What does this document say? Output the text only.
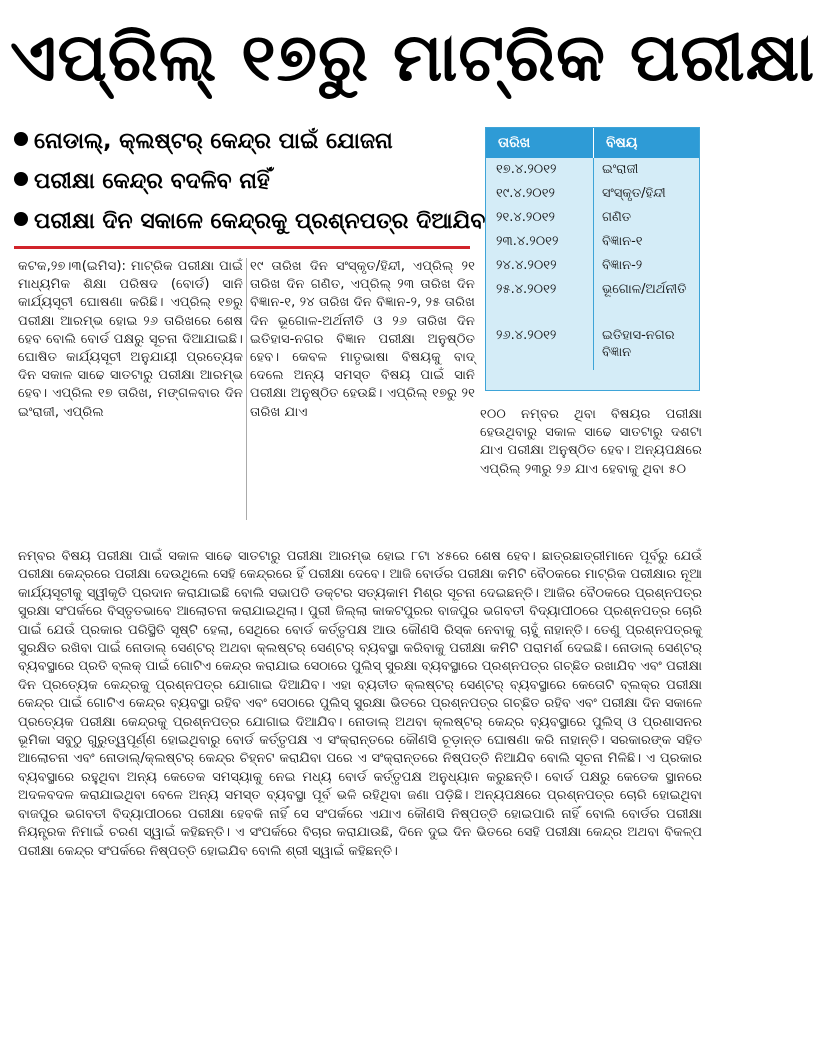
ଏପ୍ରିଲ୍ ୧୭ରୁ ମାଟ୍ରିକ ପରୀକ୍ଷା
ନୋଡାଲ୍, କ୍ଲଷ୍ଟର୍ କେନ୍ଦ୍ର ପାଇଁ ଯୋଜନା
ପରୀକ୍ଷା କେନ୍ଦ୍ର ବଦଳିବ ନାହିଁ
ପରୀକ୍ଷା ଦିନ ସକାଳେ କେନ୍ଦ୍ରକୁ ପ୍ରଶ୍ନପତ୍ର ଦିଆଯିବ
ତାରିଖ	ବିଷୟ
୧୭.୪.୨୦୧୨	ଇଂରାଜୀ
୧୯.୪.୨୦୧୨	ସଂସ୍କୃତ/ହିନ୍ଦୀ
୨୧.୪.୨୦୧୨	ଗଣିତ
୨୩.୪.୨୦୧୨	ବିଜ୍ଞାନ-୧
୨୪.୪.୨୦୧୨	ବିଜ୍ଞାନ-୨
୨୫.୪.୨୦୧୨	ଭୂଗୋଳ/ଅର୍ଥନୀତି
୨୬.୪.୨୦୧୨	ଇତିହାସ-ନଗର ବିଜ୍ଞାନ
କଟକ,୨୭।୩(ଇମିସ): ମାଟ୍ରିକ ପରୀକ୍ଷା ପାଇଁ ମାଧ୍ୟମିକ ଶିକ୍ଷା ପରିଷଦ (ବୋର୍ଡ) ସାନି କାର୍ଯ୍ୟସୂଚୀ ଘୋଷଣା କରିଛି। ଏପ୍ରିଲ୍ ୧୭ରୁ ପରୀକ୍ଷା ଆରମ୍ଭ ହୋଇ ୨୬ ତାରିଖରେ ଶେଷ ହେବ ବୋଲି ବୋର୍ଡ ପକ୍ଷରୁ ସୂଚନା ଦିଆଯାଇଛି। ଘୋଷିତ କାର୍ଯ୍ୟସୂଚୀ ଅନୁଯାୟୀ ପ୍ରତ୍ୟେକ ଦିନ ସକାଳ ସାଢେ ସାତଟାରୁ ପରୀକ୍ଷା ଆରମ୍ଭ ହେବ। ଏପ୍ରିଲ ୧୭ ତାରିଖ, ମଙ୍ଗଳବାର ଦିନ ଇଂରାଜୀ, ଏପ୍ରିଲ
୧୯ ତାରିଖ ଦିନ ସଂସ୍କୃତ/ହିନ୍ଦୀ, ଏପ୍ରିଲ୍ ୨୧ ତାରିଖ ଦିନ ଗଣିତ, ଏପ୍ରିଲ୍ ୨୩ ତାରିଖ ଦିନ ବିଜ୍ଞାନ-୧, ୨୪ ତାରିଖ ଦିନ ବିଜ୍ଞାନ-୨, ୨୫ ତାରିଖ ଦିନ ଭୂଗୋଳ-ଅର୍ଥନୀତି ଓ ୨୬ ତାରିଖ ଦିନ ଇତିହାସ-ନଗର ବିଜ୍ଞାନ ପରୀକ୍ଷା ଅନୁଷ୍ଠିତ ହେବ। କେବଳ ମାତୃଭାଷା ବିଷୟକୁ ବାଦ୍ ଦେଲେ ଅନ୍ୟ ସମସ୍ତ ବିଷୟ ପାଇଁ ସାନି ପରୀକ୍ଷା ଅନୁଷ୍ଠିତ ହେଉଛି। ଏପ୍ରିଲ୍ ୧୭ରୁ ୨୧ ତାରିଖ ଯାଏ	୧୦୦ ନମ୍ବର ଥିବା ବିଷୟର ପରୀକ୍ଷା ହେଉଥିବାରୁ ସକାଳ ସାଢେ ସାତଟାରୁ ଦଶଟା ଯାଏ ପରୀକ୍ଷା ଅନୁଷ୍ଠିତ ହେବ। ଅନ୍ୟପକ୍ଷରେ ଏପ୍ରିଲ୍ ୨୩ରୁ ୨୬ ଯାଏ ହେବାକୁ ଥିବା ୫୦
ନମ୍ବର ବିଷୟ ପରୀକ୍ଷା ପାଇଁ ସକାଳ ସାଢେ ସାତଟାରୁ ପରୀକ୍ଷା ଆରମ୍ଭ ହୋଇ ୮ଟା ୪୫ରେ ଶେଷ ହେବ। ଛାତ୍ରଛାତ୍ରୀମାନେ ପୂର୍ବରୁ ଯେଉଁ ପରୀକ୍ଷା କେନ୍ଦ୍ରରେ ପରୀକ୍ଷା ଦେଉଥିଲେ ସେହି କେନ୍ଦ୍ରରେ ହିଁ ପରୀକ୍ଷା ଦେବେ। ଆଜି ବୋର୍ଡର ପରୀକ୍ଷା କମିଟି ବୈଠକରେ ମାଟ୍ରିକ ପରୀକ୍ଷାର ନୂଆ କାର୍ଯ୍ୟସୂଚୀକୁ ସ୍ୱୀକୃତି ପ୍ରଦାନ କରାଯାଇଛି ବୋଲି ସଭାପତି ଡକ୍ଟର ସତ୍ୟକାମ ମିଶ୍ର ସୂଚନା ଦେଇଛନ୍ତି। ଆଜିର ବୈଠକରେ ପ୍ରଶ୍ନପତ୍ର ସୁରକ୍ଷା ସଂପର୍କରେ ବିସ୍ତୃତଭାବେ ଆଲୋଚନା କରାଯାଇଥିଲା। ପୁରୀ ଜିଲ୍ଲା କାକଟପୁରର ବାଜପୁର ଭଗବତୀ ବିଦ୍ୟାପୀଠରେ ପ୍ରଶ୍ନପତ୍ର ଚୋରି ପାଇଁ ଯେଉଁ ପ୍ରକାର ପରିସ୍ଥିତି ସୃଷ୍ଟି ହେଲା, ସେଥିରେ ବୋର୍ଡ କର୍ତ୍ତୃପକ୍ଷ ଆଉ କୌଣସି ରିସ୍କ ନେବାକୁ ଚାହୁଁ ନାହାନ୍ତି। ତେଣୁ ପ୍ରଶ୍ନପତ୍ରକୁ ସୁରକ୍ଷିତ ରଖିବା ପାଇଁ ନୋଡାଲ୍ ସେଣ୍ଟର୍ ଅଥବା କ୍ଲଷ୍ଟର୍ ସେଣ୍ଟର୍ ବ୍ୟବସ୍ଥା କରିବାକୁ ପରୀକ୍ଷା କମିଟି ପରାମର୍ଶ ଦେଇଛି। ନୋଡାଲ୍ ସେଣ୍ଟର୍ ବ୍ୟବସ୍ଥାରେ ପ୍ରତି ବ୍ଲକ୍ ପାଇଁ ଗୋଟିଏ କେନ୍ଦ୍ର କରାଯାଇ ସେଠାରେ ପୁଲିସ୍ ସୁରକ୍ଷା ବ୍ୟବସ୍ଥାରେ ପ୍ରଶ୍ନପତ୍ର ଗଚ୍ଛିତ ରଖାଯିବ ଏବଂ ପରୀକ୍ଷା ଦିନ ପ୍ରତ୍ୟେକ କେନ୍ଦ୍ରକୁ ପ୍ରଶ୍ନପତ୍ର ଯୋଗାଇ ଦିଆଯିବ। ଏହା ବ୍ୟତୀତ କ୍ଲଷ୍ଟର୍ ସେଣ୍ଟର୍ ବ୍ୟବସ୍ଥାରେ କେତୋଟି ବ୍ଲକ୍ର ପରୀକ୍ଷା କେନ୍ଦ୍ର ପାଇଁ ଗୋଟିଏ କେନ୍ଦ୍ର ବ୍ୟବସ୍ଥା ରହିବ ଏବଂ ସେଠାରେ ପୁଲିସ୍ ସୁରକ୍ଷା ଭିତରେ ପ୍ରଶ୍ନପତ୍ର ଗଚ୍ଛିତ ରହିବ ଏବଂ ପରୀକ୍ଷା ଦିନ ସକାଳେ ପ୍ରତ୍ୟେକ ପରୀକ୍ଷା କେନ୍ଦ୍ରକୁ ପ୍ରଶ୍ନପତ୍ର ଯୋଗାଇ ଦିଆଯିବ। ନୋଡାଲ୍ ଅଥବା କ୍ଲଷ୍ଟର୍ କେନ୍ଦ୍ର ବ୍ୟବସ୍ଥାରେ ପୁଲିସ୍ ଓ ପ୍ରଶାସନର ଭୂମିକା ସବୁଠୁ ଗୁରୁତ୍ୱପୂର୍ଣ୍ଣ ହୋଇଥିବାରୁ ବୋର୍ଡ କର୍ତ୍ତୃପକ୍ଷ ଏ ସଂକ୍ରାନ୍ତରେ କୌଣସି ଚୂଡ଼ାନ୍ତ ଘୋଷଣା କରି ନାହାନ୍ତି। ସରକାରଙ୍କ ସହିତ ଆଲୋଚନା ଏବଂ ନୋଡାଲ୍/କ୍ଲଷ୍ଟର୍ କେନ୍ଦ୍ର ଚିହ୍ନଟ କରାଯିବା ପରେ ଏ ସଂକ୍ରାନ୍ତରେ ନିଷ୍ପତ୍ତି ନିଆଯିବ ବୋଲି ସୂଚନା ମିଳିଛି। ଏ ପ୍ରକାର ବ୍ୟବସ୍ଥାରେ ରହୁଥିବା ଅନ୍ୟ କେତେକ ସମସ୍ୟାକୁ ନେଇ ମଧ୍ୟ ବୋର୍ଡ କର୍ତ୍ତୃପକ୍ଷ ଅନୁଧ୍ୟାନ କରୁଛନ୍ତି। ବୋର୍ଡ ପକ୍ଷରୁ କେତେକ ସ୍ଥାନରେ ଅଦଳବଦଳ କରାଯାଇଥିବା ବେଳେ ଅନ୍ୟ ସମସ୍ତ ବ୍ୟବସ୍ଥା ପୂର୍ବ ଭଳି ରହିଥିବା ଜଣା ପଡ଼ିଛି। ଅନ୍ୟପକ୍ଷରେ ପ୍ରଶ୍ନପତ୍ର ଚୋରି ହୋଇଥିବା ବାଜପୁର ଭଗବତୀ ବିଦ୍ୟାପୀଠରେ ପରୀକ୍ଷା ହେବକି ନାହିଁ ସେ ସଂପର୍କରେ ଏଯାଏ କୌଣସି ନିଷ୍ପତ୍ତି ହୋଇପାରି ନାହିଁ ବୋଲି ବୋର୍ଡର ପରୀକ୍ଷା ନିୟନ୍ତ୍ରକ ନିମାଇଁ ଚରଣ ସ୍ୱାଇଁ କହିଛନ୍ତି। ଏ ସଂପର୍କରେ ବିଚାର କରାଯାଉଛି, ଦିନେ ଦୁଇ ଦିନ ଭିତରେ ସେହି ପରୀକ୍ଷା କେନ୍ଦ୍ର ଅଥବା ବିକଳ୍ପ ପରୀକ୍ଷା କେନ୍ଦ୍ର ସଂପର୍କରେ ନିଷ୍ପତ୍ତି ହୋଇଯିବ ବୋଲି ଶ୍ରୀ ସ୍ୱାଇଁ କହିଛନ୍ତି।
